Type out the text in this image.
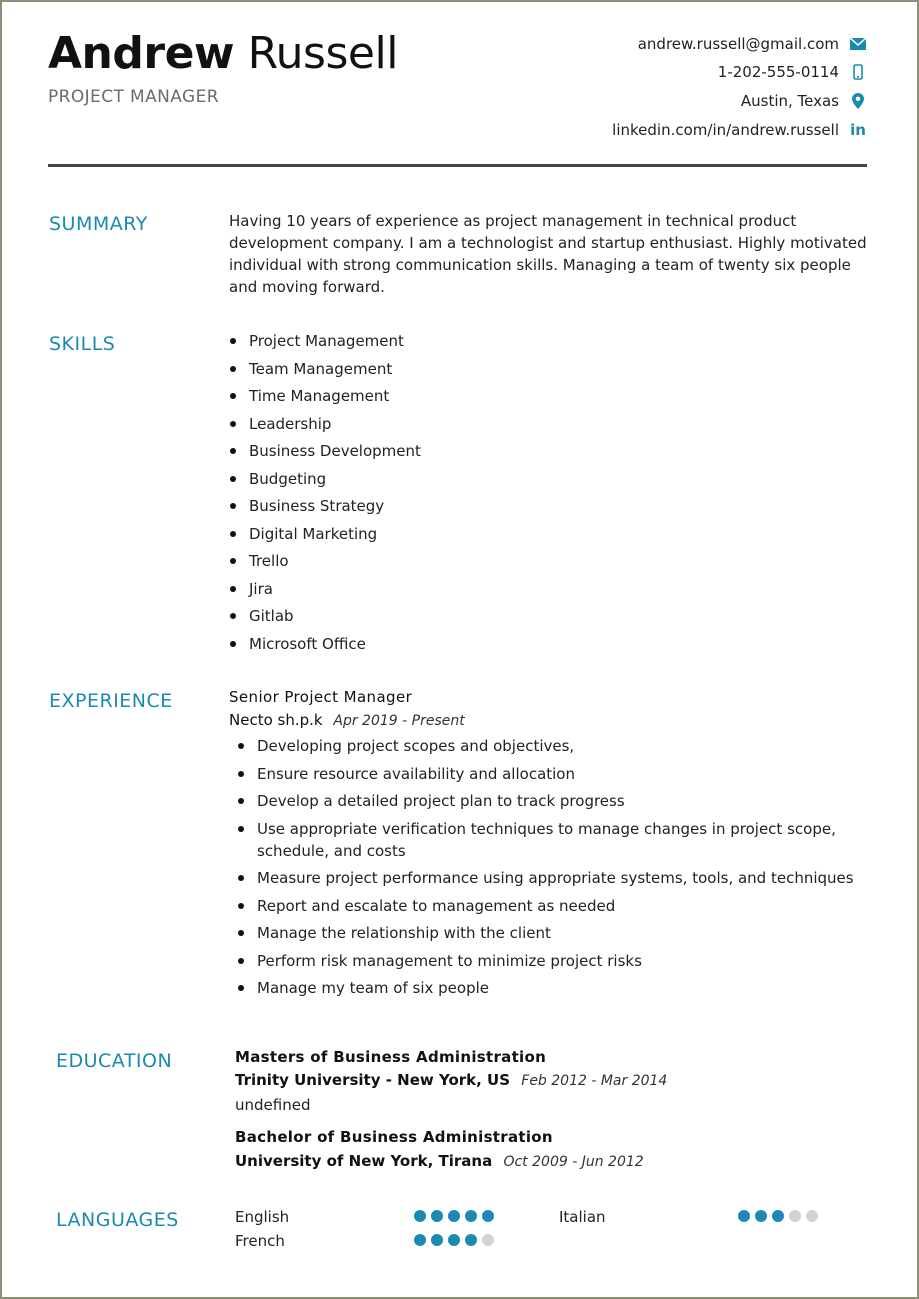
Andrew Russell
PROJECT MANAGER
andrew.russell@gmail.com
1-202-555-0114
Austin, Texas
linkedin.com/in/andrew.russell in
SUMMARY	Having 10 years of experience as project management in technical product development company. I am a technologist and startup enthusiast. Highly motivated individual with strong communication skills. Managing a team of twenty six people and moving forward.
SKILLS	Project Management
Team Management
Time Management
Leadership
Business Development
Budgeting
Business Strategy
Digital Marketing
Trello
Jira
Gitlab
Microsoft Office
EXPERIENCE	Senior Project Manager
Necto sh.p.k Apr 2019 - Present
Developing project scopes and objectives,
Ensure resource availability and allocation
Develop a detailed project plan to track progress
Use appropriate verification techniques to manage changes in project scope, schedule, and costs
Measure project performance using appropriate systems, tools, and techniques
Report and escalate to management as needed
Manage the relationship with the client
Perform risk management to minimize project risks
Manage my team of six people
EDUCATION	Masters of Business Administration
Trinity University - New York, US Feb 2012 - Mar 2014
undefined
Bachelor of Business Administration
University of New York, Tirana Oct 2009 - Jun 2012
LANGUAGES	English	Italian
French
